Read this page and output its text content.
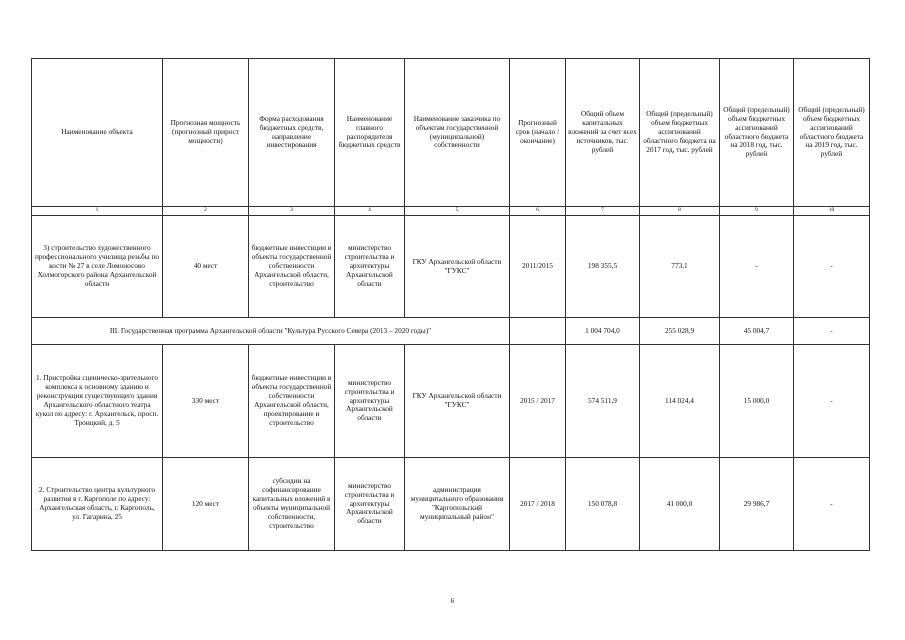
Наименование объекта	Прогнозная мощность (прогнозный прирост мощности)	Форма расходования бюджетных средств, направление инвестирования	Наименование главного распорядителя бюджетных средств	Наименование заказчика по объектам государственной (муниципальной) собственности	Прогнозный срок (начало / окончание)	Общий объем капитальных вложений за счет всех источников, тыс. рублей	Общий (предельный) объем бюджетных ассигнований областного бюджета на 2017 год, тыс. рублей	Общий (предельный) объем бюджетных ассигнований областного бюджета на 2018 год, тыс. рублей	Общий (предельный) объем бюджетных ассигнований областного бюджета на 2019 год, тыс. рублей
1	2	3	4	5	6	7	8	9	10
3) строительство художественного профессионального училища резьбы по кости № 27 в селе Ломоносово Холмогорского района Архангельской области	40 мест	бюджетные инвестиции в объекты государственной собственности Архангельской области, строительство	министерство строительства и архитектуры Архангельской области	ГКУ Архангельской области "ГУКС"	2011/2015	198 355,5	773,1	-	-
III. Государственная программа Архангельской области "Культура Русского Севера (2013 – 2020 годы)"						1 004 704,0	255 028,9	45 004,7	-
1. Пристройка сценическо-зрительного комплекса к основному зданию и реконструкция существующего здания Архангельского областного театра кукол по адресу: г. Архангельск, просп. Троицкий, д. 5	330 мест	бюджетные инвестиции в объекты государственной собственности Архангельской области, проектирование и строительство	министерство строительства и архитектуры Архангельской области	ГКУ Архангельской области "ГУКС"	2015 / 2017	574 511,9	114 024,4	15 000,0	-
2. Строительство центра культурного развития в г. Каргополе по адресу: Архангельская область, г. Каргополь, ул. Гагарина, 25	120 мест	субсидии на софинансирование капитальных вложений в объекты муниципальной собственности, строительство	министерство строительства и архитектуры Архангельской области	администрация муниципального образования "Каргопольский муниципальный район"	2017 / 2018	150 078,8	41 000,0	29 986,7	-
6
